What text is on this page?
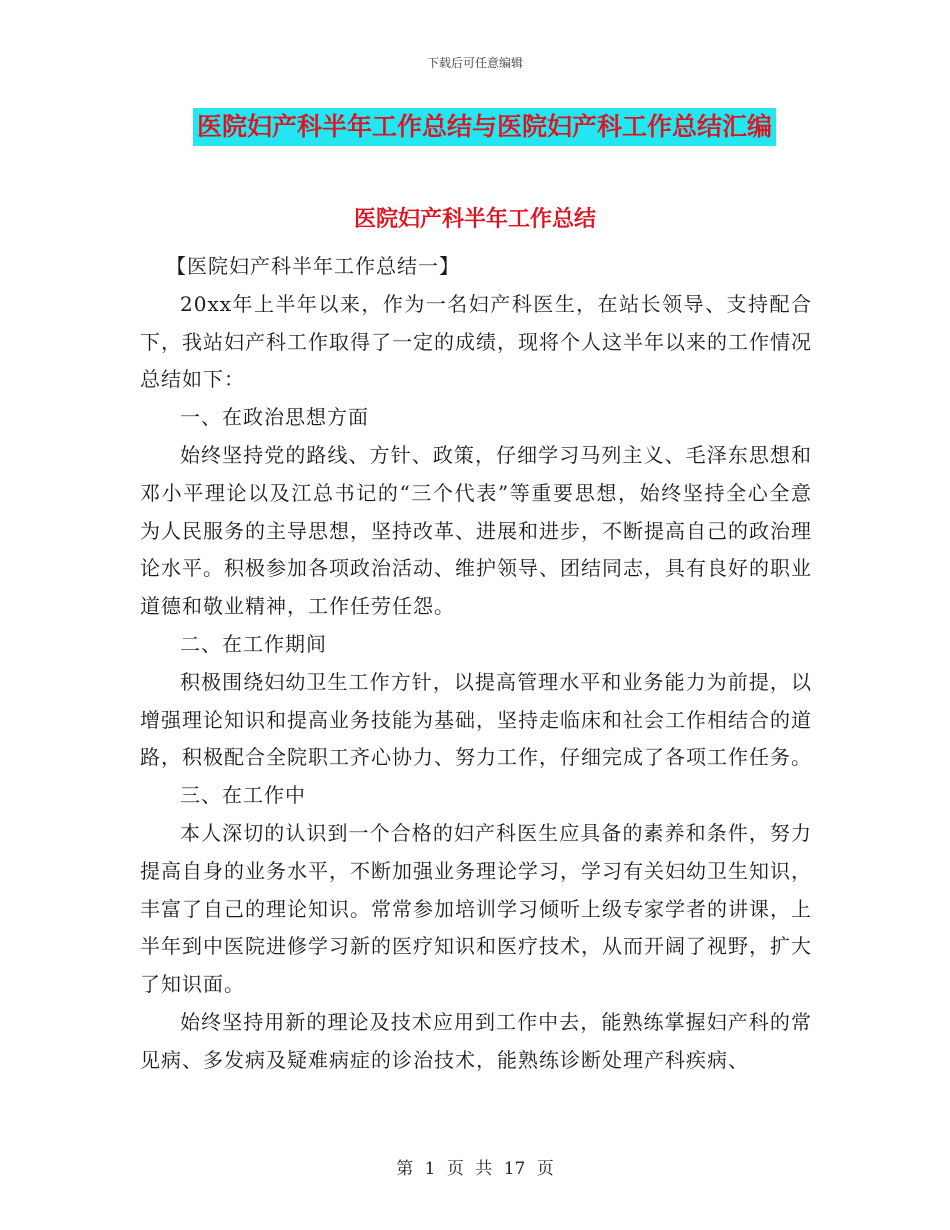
下载后可任意编辑
医院妇产科半年工作总结与医院妇产科工作总结汇编
医院妇产科半年工作总结

【医院妇产科半年工作总结一】

20xx年上半年以来，作为一名妇产科医生，在站长领导、支持配合下，我站妇产科工作取得了一定的成绩，现将个人这半年以来的工作情况总结如下：

一、在政治思想方面

始终坚持党的路线、方针、政策，仔细学习马列主义、毛泽东思想和邓小平理论以及江总书记的“三个代表”等重要思想，始终坚持全心全意为人民服务的主导思想，坚持改革、进展和进步，不断提高自己的政治理论水平。积极参加各项政治活动、维护领导、团结同志，具有良好的职业道德和敬业精神，工作任劳任怨。

二、在工作期间

积极围绕妇幼卫生工作方针，以提高管理水平和业务能力为前提，以增强理论知识和提高业务技能为基础，坚持走临床和社会工作相结合的道路，积极配合全院职工齐心协力、努力工作，仔细完成了各项工作任务。

三、在工作中

本人深切的认识到一个合格的妇产科医生应具备的素养和条件，努力提高自身的业务水平，不断加强业务理论学习，学习有关妇幼卫生知识，丰富了自己的理论知识。常常参加培训学习倾听上级专家学者的讲课，上半年到中医院进修学习新的医疗知识和医疗技术，从而开阔了视野，扩大了知识面。

始终坚持用新的理论及技术应用到工作中去，能熟练掌握妇产科的常见病、多发病及疑难病症的诊治技术，能熟练诊断处理产科疾病、

第 1 页 共 17 页
